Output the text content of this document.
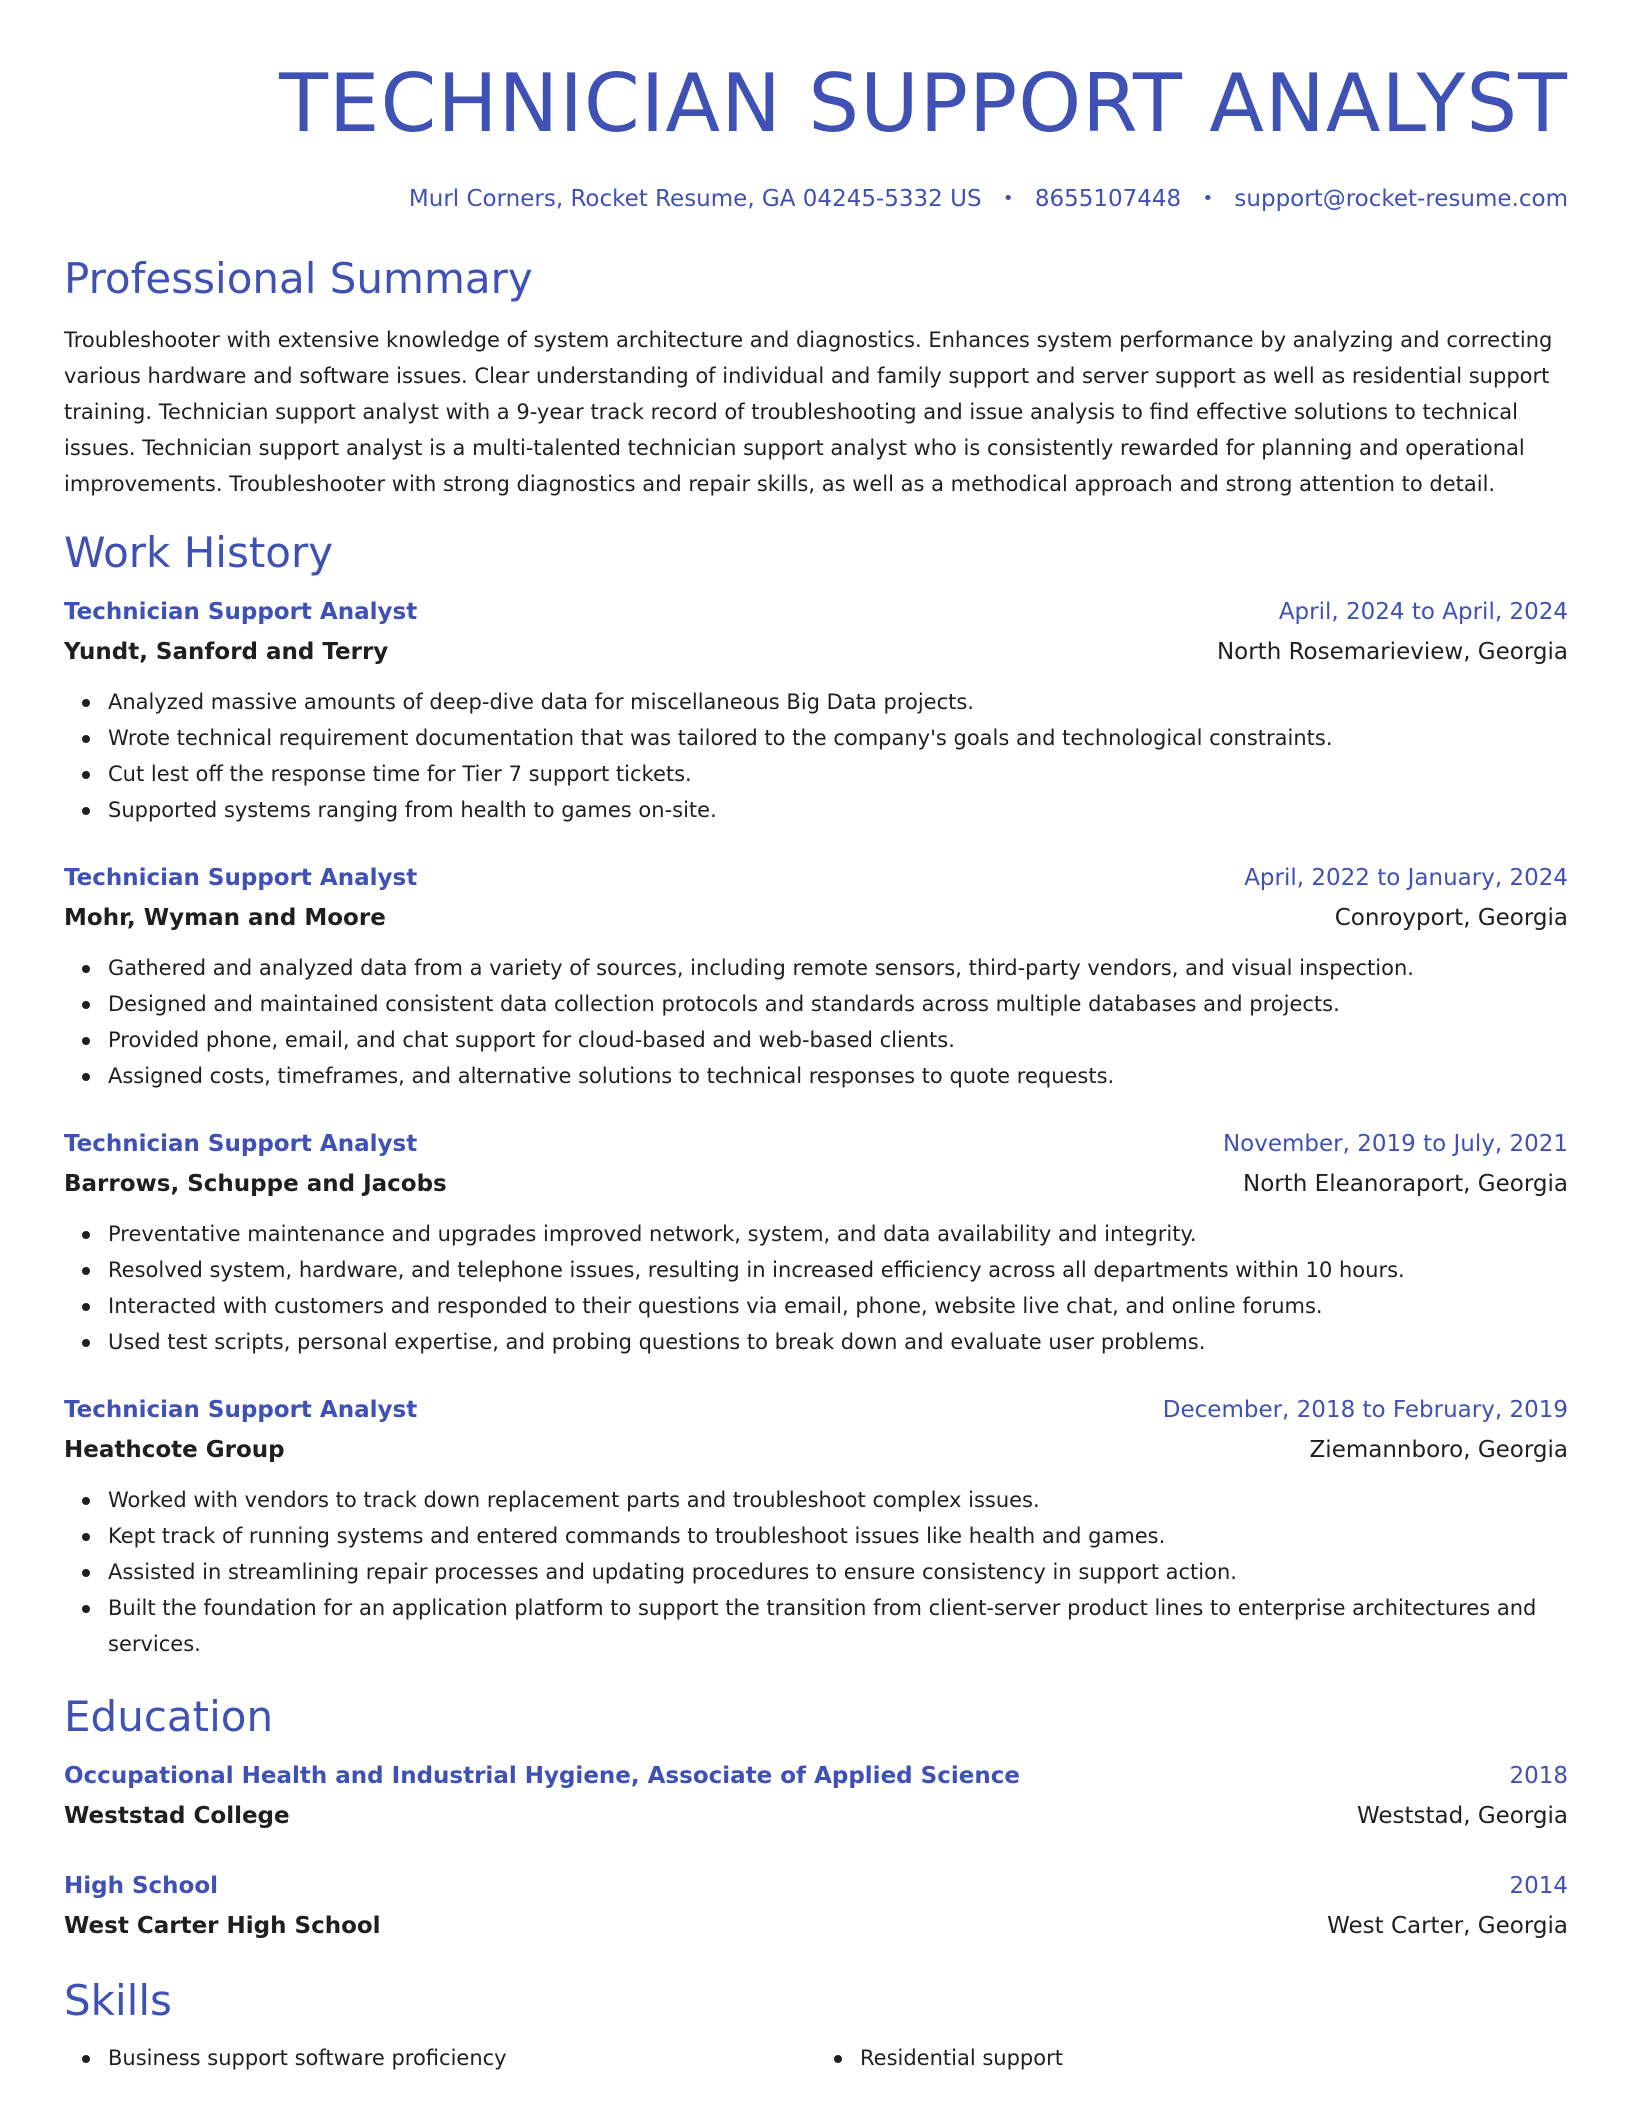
TECHNICIAN SUPPORT ANALYST
Murl Corners, Rocket Resume, GA 04245-5332 US • 8655107448 • support@rocket-resume.com
Professional Summary
Troubleshooter with extensive knowledge of system architecture and diagnostics. Enhances system performance by analyzing and correcting various hardware and software issues. Clear understanding of individual and family support and server support as well as residential support training. Technician support analyst with a 9-year track record of troubleshooting and issue analysis to find effective solutions to technical issues. Technician support analyst is a multi-talented technician support analyst who is consistently rewarded for planning and operational improvements. Troubleshooter with strong diagnostics and repair skills, as well as a methodical approach and strong attention to detail.
Work History
Technician Support Analyst	April, 2024 to April, 2024
Yundt, Sanford and Terry	North Rosemarieview, Georgia
Analyzed massive amounts of deep-dive data for miscellaneous Big Data projects.
Wrote technical requirement documentation that was tailored to the company's goals and technological constraints.
Cut lest off the response time for Tier 7 support tickets.
Supported systems ranging from health to games on-site.
Technician Support Analyst	April, 2022 to January, 2024
Mohr, Wyman and Moore	Conroyport, Georgia
Gathered and analyzed data from a variety of sources, including remote sensors, third-party vendors, and visual inspection.
Designed and maintained consistent data collection protocols and standards across multiple databases and projects.
Provided phone, email, and chat support for cloud-based and web-based clients.
Assigned costs, timeframes, and alternative solutions to technical responses to quote requests.
Technician Support Analyst	November, 2019 to July, 2021
Barrows, Schuppe and Jacobs	North Eleanoraport, Georgia
Preventative maintenance and upgrades improved network, system, and data availability and integrity.
Resolved system, hardware, and telephone issues, resulting in increased efficiency across all departments within 10 hours.
Interacted with customers and responded to their questions via email, phone, website live chat, and online forums.
Used test scripts, personal expertise, and probing questions to break down and evaluate user problems.
Technician Support Analyst	December, 2018 to February, 2019
Heathcote Group	Ziemannboro, Georgia
Worked with vendors to track down replacement parts and troubleshoot complex issues.
Kept track of running systems and entered commands to troubleshoot issues like health and games.
Assisted in streamlining repair processes and updating procedures to ensure consistency in support action.
Built the foundation for an application platform to support the transition from client-server product lines to enterprise architectures and services.
Education
Occupational Health and Industrial Hygiene, Associate of Applied Science	2018
Weststad College	Weststad, Georgia
High School	2014
West Carter High School	West Carter, Georgia
Skills
Business support software proficiency	Residential support
